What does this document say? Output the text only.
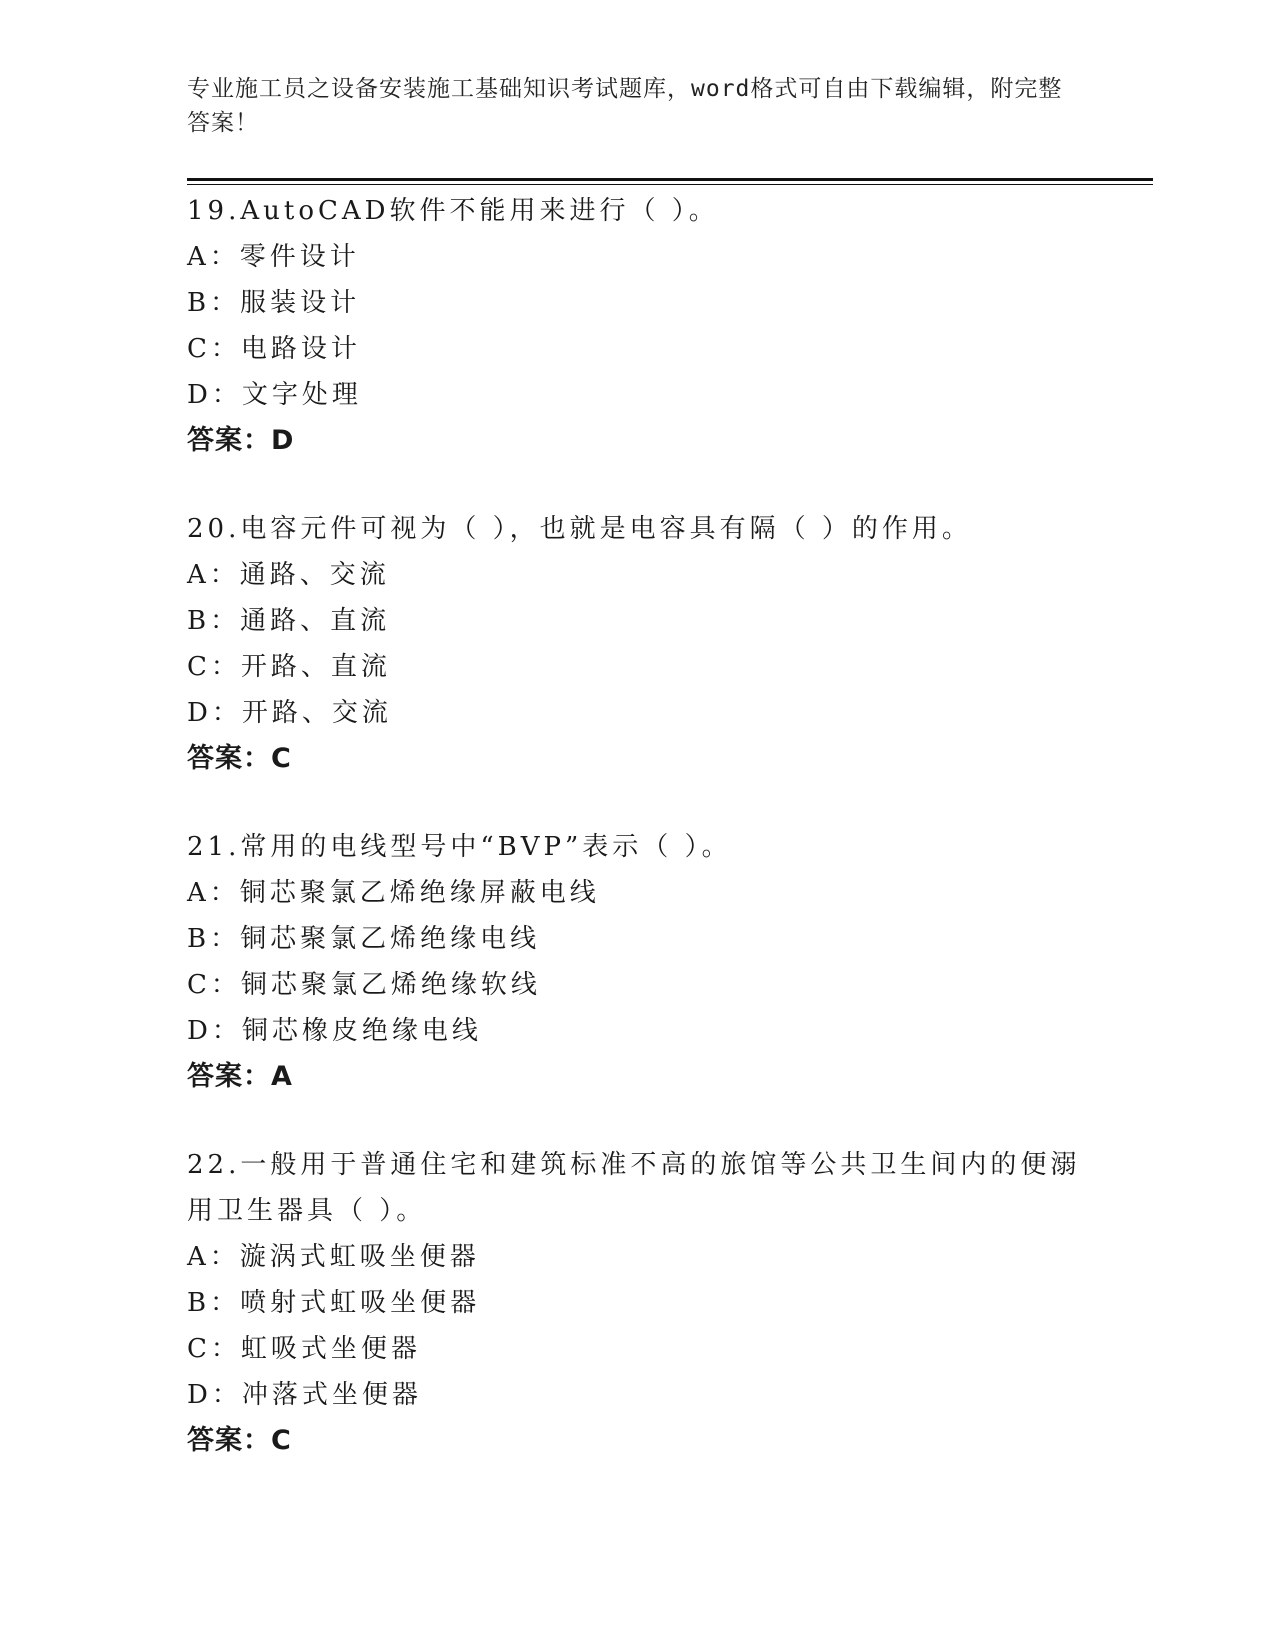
专业施工员之设备安装施工基础知识考试题库，word格式可自由下载编辑，附完整答案！
19.AutoCAD软件不能用来进行（ ）。
A：零件设计
B：服装设计
C：电路设计
D：文字处理
答案：D
20.电容元件可视为（ ），也就是电容具有隔（ ）的作用。
A：通路、交流
B：通路、直流
C：开路、直流
D：开路、交流
答案：C
21.常用的电线型号中“BVP”表示（ ）。
A：铜芯聚氯乙烯绝缘屏蔽电线
B：铜芯聚氯乙烯绝缘电线
C：铜芯聚氯乙烯绝缘软线
D：铜芯橡皮绝缘电线
答案：A
22.一般用于普通住宅和建筑标准不高的旅馆等公共卫生间内的便溺用卫生器具（ ）。
A：漩涡式虹吸坐便器
B：喷射式虹吸坐便器
C：虹吸式坐便器
D：冲落式坐便器
答案：C
